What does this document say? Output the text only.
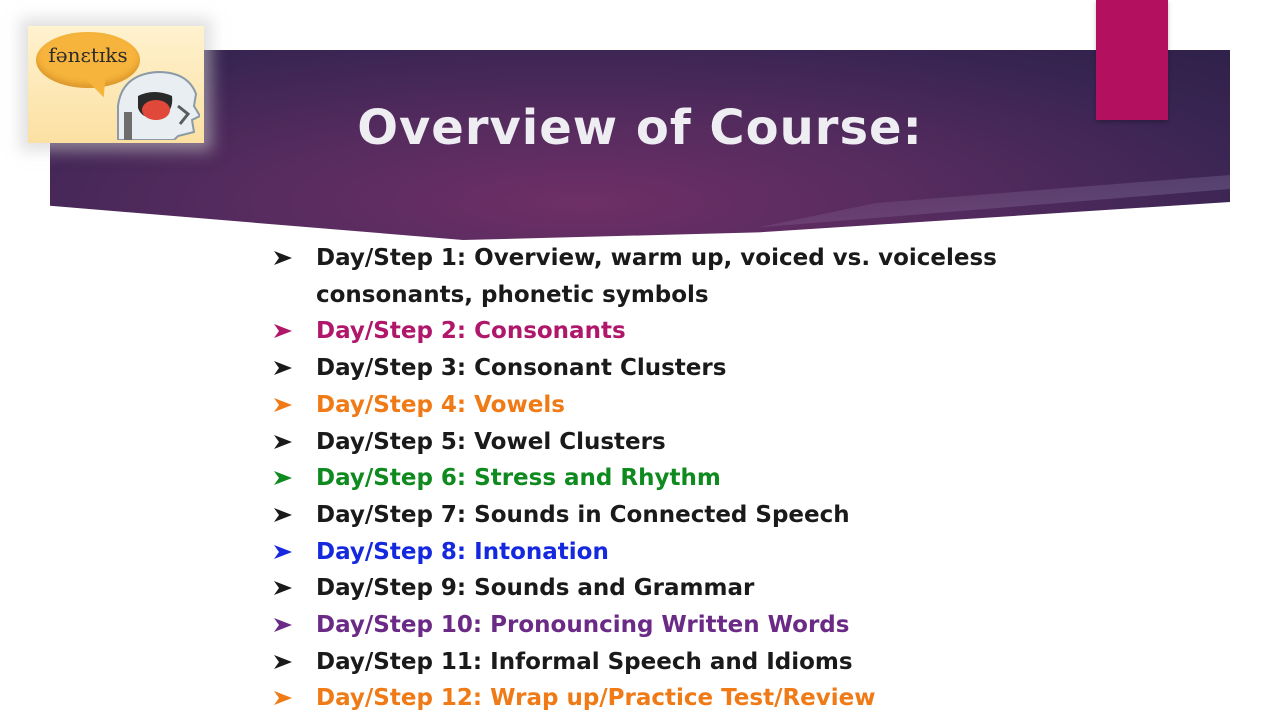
fənɛtɪks
Overview of Course:
Day/Step 1: Overview, warm up, voiced vs. voiceless consonants, phonetic symbols
Day/Step 2: Consonants
Day/Step 3: Consonant Clusters
Day/Step 4: Vowels
Day/Step 5: Vowel Clusters
Day/Step 6: Stress and Rhythm
Day/Step 7: Sounds in Connected Speech
Day/Step 8: Intonation
Day/Step 9: Sounds and Grammar
Day/Step 10: Pronouncing Written Words
Day/Step 11: Informal Speech and Idioms
Day/Step 12: Wrap up/Practice Test/Review
